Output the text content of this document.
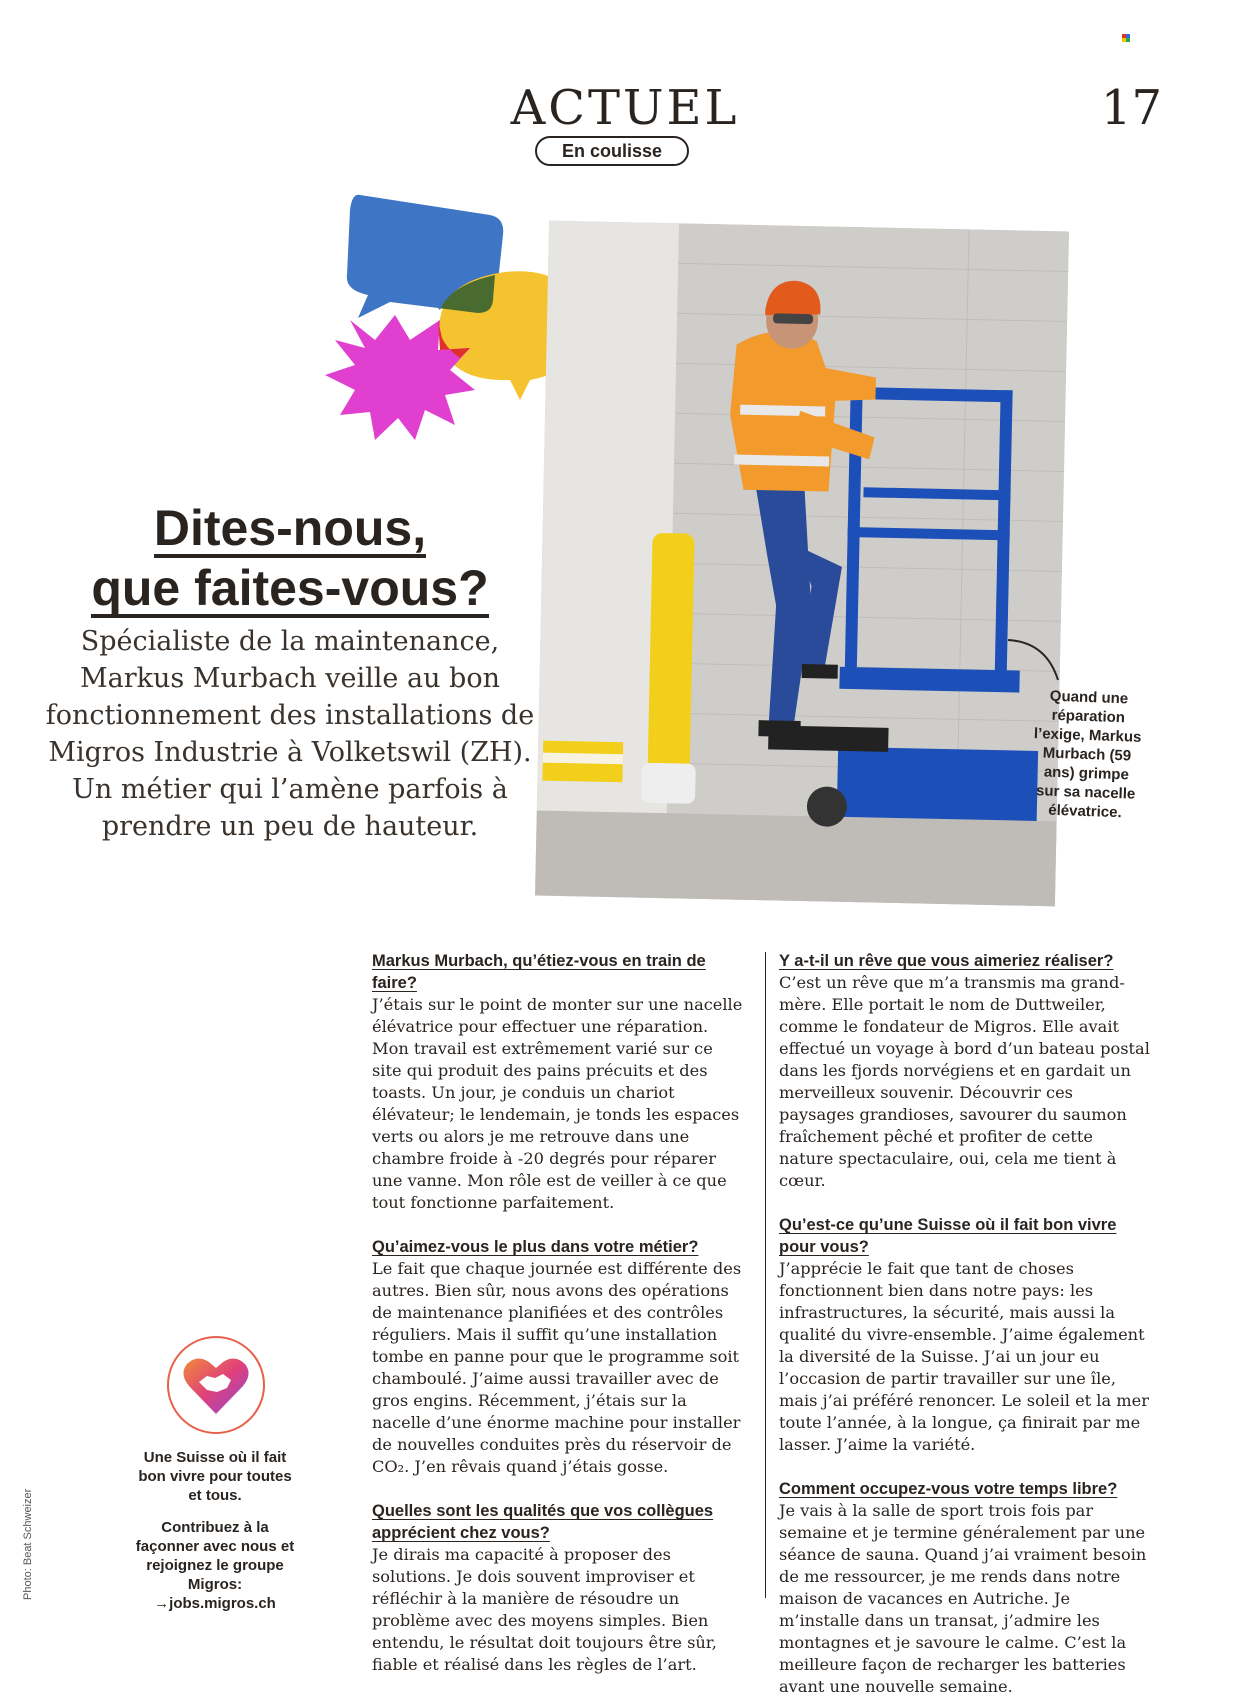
ACTUEL	17
En coulisse
Dites-nous,
que faites-vous?
Spécialiste de la maintenance, Markus Murbach veille au bon fonctionnement des installations de Migros Industrie à Volketswil (ZH). Un métier qui l’amène parfois à prendre un peu de hauteur.
Quand une réparation l’exige, Markus Murbach (59 ans) grimpe sur sa nacelle élévatrice.
Photo: Beat Schweizer

Une Suisse où il fait bon vivre pour toutes et tous.

Contribuez à la façonner avec nous et rejoignez le groupe Migros:
→jobs.migros.ch

Markus Murbach, qu’étiez-vous en train de faire?
J’étais sur le point de monter sur une nacelle élévatrice pour effectuer une réparation. Mon travail est extrêmement varié sur ce site qui produit des pains précuits et des toasts. Un jour, je conduis un chariot élévateur; le lendemain, je tonds les espaces verts ou alors je me retrouve dans une chambre froide à -20 degrés pour réparer une vanne. Mon rôle est de veiller à ce que tout fonctionne parfaitement.
Qu’aimez-vous le plus dans votre métier?
Le fait que chaque journée est différente des autres. Bien sûr, nous avons des opérations de maintenance planifiées et des contrôles réguliers. Mais il suffit qu’une installation tombe en panne pour que le programme soit chamboulé. J’aime aussi travailler avec de gros engins. Récemment, j’étais sur la nacelle d’une énorme machine pour installer de nouvelles conduites près du réservoir de CO₂. J’en rêvais quand j’étais gosse.
Quelles sont les qualités que vos collègues apprécient chez vous?
Je dirais ma capacité à proposer des solutions. Je dois souvent improviser et réfléchir à la manière de résoudre un problème avec des moyens simples. Bien entendu, le résultat doit toujours être sûr, fiable et réalisé dans les règles de l’art.
Y a-t-il un rêve que vous aimeriez réaliser?
C’est un rêve que m’a transmis ma grand-mère. Elle portait le nom de Duttweiler, comme le fondateur de Migros. Elle avait effectué un voyage à bord d’un bateau postal dans les fjords norvégiens et en gardait un merveilleux souvenir. Découvrir ces paysages grandioses, savourer du saumon fraîchement pêché et profiter de cette nature spectaculaire, oui, cela me tient à cœur.
Qu’est-ce qu’une Suisse où il fait bon vivre pour vous?
J’apprécie le fait que tant de choses fonctionnent bien dans notre pays: les infrastructures, la sécurité, mais aussi la qualité du vivre-ensemble. J’aime également la diversité de la Suisse. J’ai un jour eu l’occasion de partir travailler sur une île, mais j’ai préféré renoncer. Le soleil et la mer toute l’année, à la longue, ça finirait par me lasser. J’aime la variété.
Comment occupez-vous votre temps libre?
Je vais à la salle de sport trois fois par semaine et je termine généralement par une séance de sauna. Quand j’ai vraiment besoin de me ressourcer, je me rends dans notre maison de vacances en Autriche. Je m’installe dans un transat, j’admire les montagnes et je savoure le calme. C’est la meilleure façon de recharger les batteries avant une nouvelle semaine.
